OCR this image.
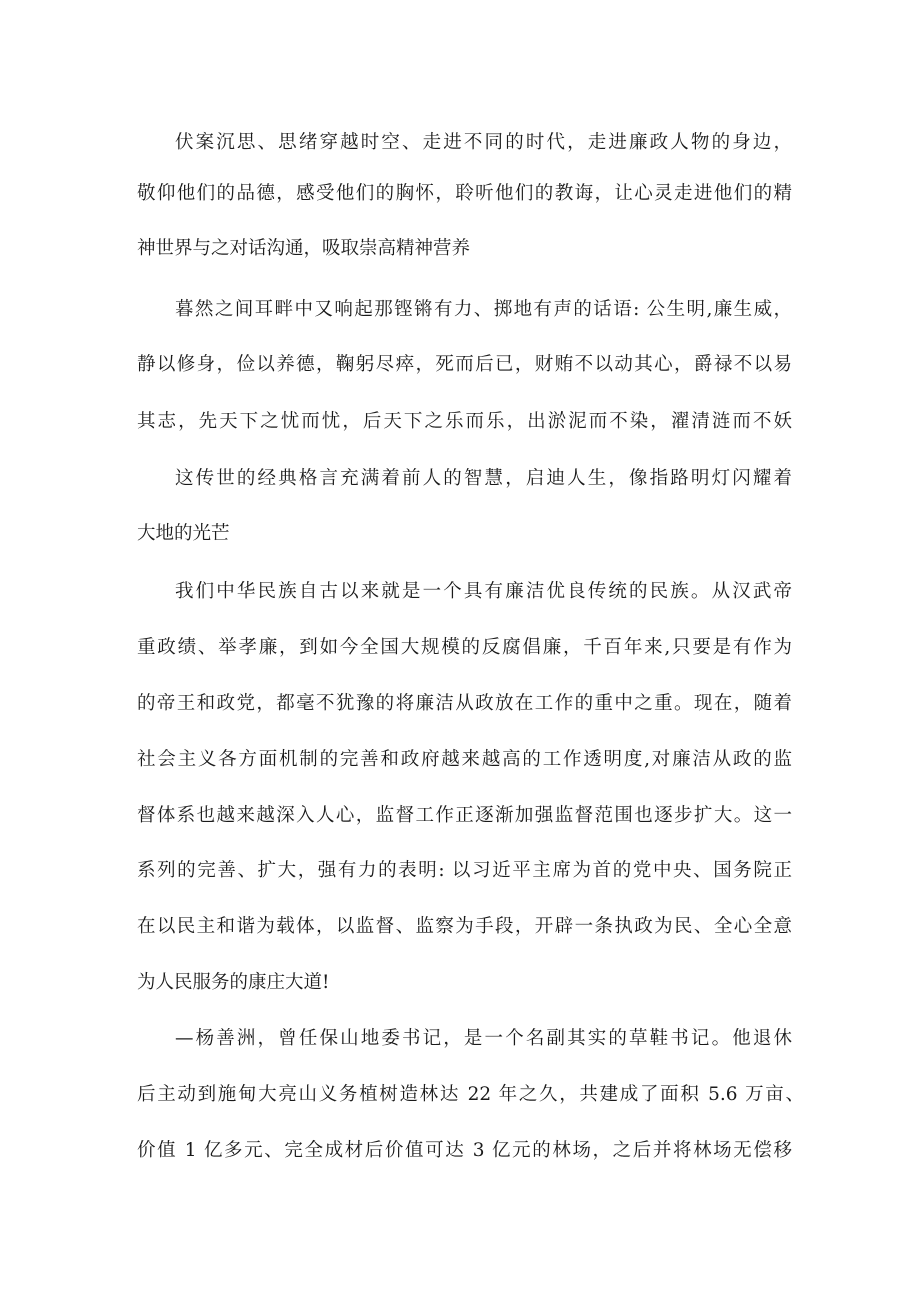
伏案沉思、思绪穿越时空、走进不同的时代，走进廉政人物的身边，
敬仰他们的品德，感受他们的胸怀，聆听他们的教诲，让心灵走进他们的精
神世界与之对话沟通，吸取崇高精神营养
暮然之间耳畔中又响起那铿锵有力、掷地有声的话语: 公生明,廉生威，
静以修身，俭以养德，鞠躬尽瘁，死而后已，财贿不以动其心，爵禄不以易
其志，先天下之忧而忧，后天下之乐而乐，出淤泥而不染，濯清涟而不妖
这传世的经典格言充满着前人的智慧，启迪人生，像指路明灯闪耀着
大地的光芒
我们中华民族自古以来就是一个具有廉洁优良传统的民族。从汉武帝
重政绩、举孝廉，到如今全国大规模的反腐倡廉，千百年来,只要是有作为
的帝王和政党，都毫不犹豫的将廉洁从政放在工作的重中之重。现在，随着
社会主义各方面机制的完善和政府越来越高的工作透明度,对廉洁从政的监
督体系也越来越深入人心，监督工作正逐渐加强监督范围也逐步扩大。这一
系列的完善、扩大，强有力的表明: 以习近平主席为首的党中央、国务院正
在以民主和谐为载体，以监督、监察为手段，开辟一条执政为民、全心全意
为人民服务的康庄大道!
—杨善洲，曾任保山地委书记，是一个名副其实的草鞋书记。他退休
后主动到施甸大亮山义务植树造林达 22 年之久，共建成了面积 5.6 万亩、
价值 1 亿多元、完全成材后价值可达 3 亿元的林场，之后并将林场无偿移
